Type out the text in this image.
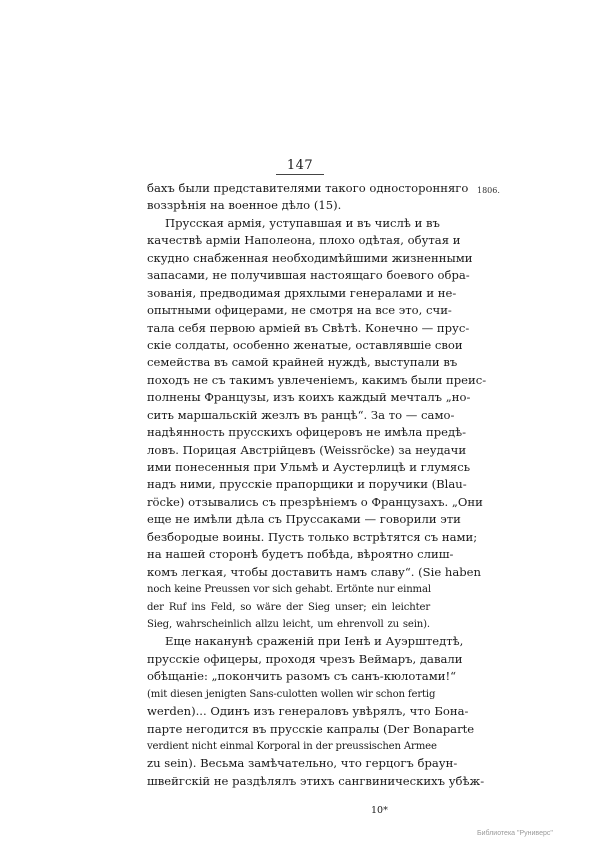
147
1806.
бахъ были представителями такого односторонняго
воззрѣнія на военное дѣло (15).
Прусская армія, уступавшая и въ числѣ и въ
качествѣ арміи Наполеона, плохо одѣтая, обутая и
скудно снабженная необходимѣйшими жизненными
запасами, не получившая настоящаго боевого обра-
зованія, предводимая дряхлыми генералами и не-
опытными офицерами, не смотря на все это, счи-
тала себя первою арміей въ Свѣтѣ. Конечно — прус-
скіе солдаты, особенно женатые, оставлявшіе свои
семейства въ самой крайней нуждѣ, выступали въ
походъ не съ такимъ увлеченіемъ, какимъ были преис-
полнены Французы, изъ коихъ каждый мечталъ „но-
сить маршальскій жезлъ въ ранцѣ“. За то — само-
надѣянность прусскихъ офицеровъ не имѣла предѣ-
ловъ. Порицая Австрійцевъ (Weissröcke) за неудачи
ими понесенныя при Ульмѣ и Аустерлицѣ и глумясь
надъ ними, прусскіе прапорщики и поручики (Blau-
röcke) отзывались съ презрѣніемъ о Французахъ. „Они
еще не имѣли дѣла съ Пруссаками — говорили эти
безбородые воины. Пусть только встрѣтятся съ нами;
на нашей сторонѣ будетъ побѣда, вѣроятно слиш-
комъ легкая, чтобы доставить намъ славу“. (Sie haben
noch keine Preussen vor sich gehabt. Ertönte nur einmal
der Ruf ins Feld, so wäre der Sieg unser; ein leichter
Sieg, wahrscheinlich allzu leicht, um ehrenvoll zu sein).
Еще наканунѣ сраженій при Іенѣ и Ауэрштедтѣ,
прусскіе офицеры, проходя чрезъ Веймаръ, давали
обѣщаніе: „покончить разомъ съ санъ-кюлотами!“
(mit diesen jenigten Sans-culotten wollen wir schon fertig
werden)... Одинъ изъ генераловъ увѣрялъ, что Бона-
парте негодится въ прусскіе капралы (Der Bonaparte
verdient nicht einmal Korporal in der preussischen Armee
zu sein). Весьма замѣчательно, что герцогъ браун-
швейгскій не раздѣлялъ этихъ сангвиническихъ убѣж-
10*
Библиотека "Руниверс"
